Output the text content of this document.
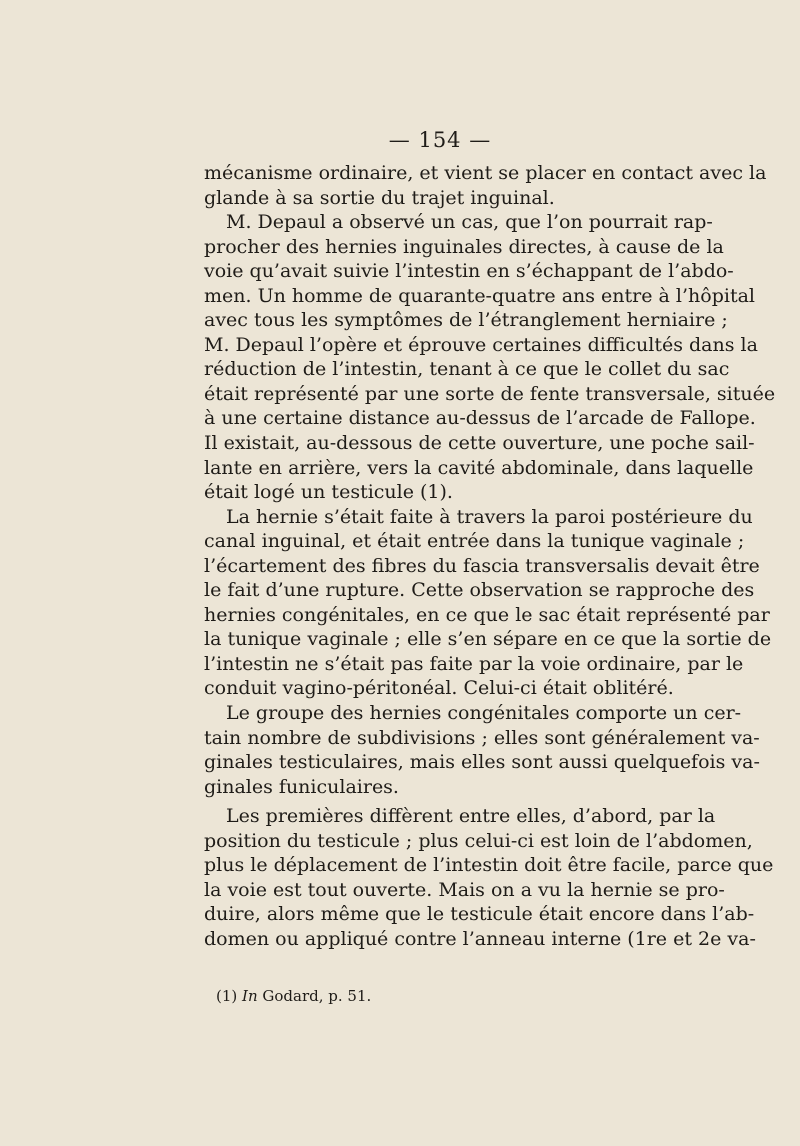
— 154 —
mécanisme ordinaire, et vient se placer en contact avec la
glande à sa sortie du trajet inguinal.
M. Depaul a observé un cas, que l’on pourrait rap-
procher des hernies inguinales directes, à cause de la
voie qu’avait suivie l’intestin en s’échappant de l’abdo-
men. Un homme de quarante-quatre ans entre à l’hôpital
avec tous les symptômes de l’étranglement herniaire ;
M. Depaul l’opère et éprouve certaines difficultés dans la
réduction de l’intestin, tenant à ce que le collet du sac
était représenté par une sorte de fente transversale, située
à une certaine distance au-dessus de l’arcade de Fallope.
Il existait, au-dessous de cette ouverture, une poche sail-
lante en arrière, vers la cavité abdominale, dans laquelle
était logé un testicule (1).
La hernie s’était faite à travers la paroi postérieure du
canal inguinal, et était entrée dans la tunique vaginale ;
l’écartement des fibres du fascia transversalis devait être
le fait d’une rupture. Cette observation se rapproche des
hernies congénitales, en ce que le sac était représenté par
la tunique vaginale ; elle s’en sépare en ce que la sortie de
l’intestin ne s’était pas faite par la voie ordinaire, par le
conduit vagino-péritonéal. Celui-ci était oblitéré.
Le groupe des hernies congénitales comporte un cer-
tain nombre de subdivisions ; elles sont généralement va-
ginales testiculaires, mais elles sont aussi quelquefois va-
ginales funiculaires.
Les premières diffèrent entre elles, d’abord, par la
position du testicule ; plus celui-ci est loin de l’abdomen,
plus le déplacement de l’intestin doit être facile, parce que
la voie est tout ouverte. Mais on a vu la hernie se pro-
duire, alors même que le testicule était encore dans l’ab-
domen ou appliqué contre l’anneau interne (1re et 2e va-
(1) In Godard, p. 51.
